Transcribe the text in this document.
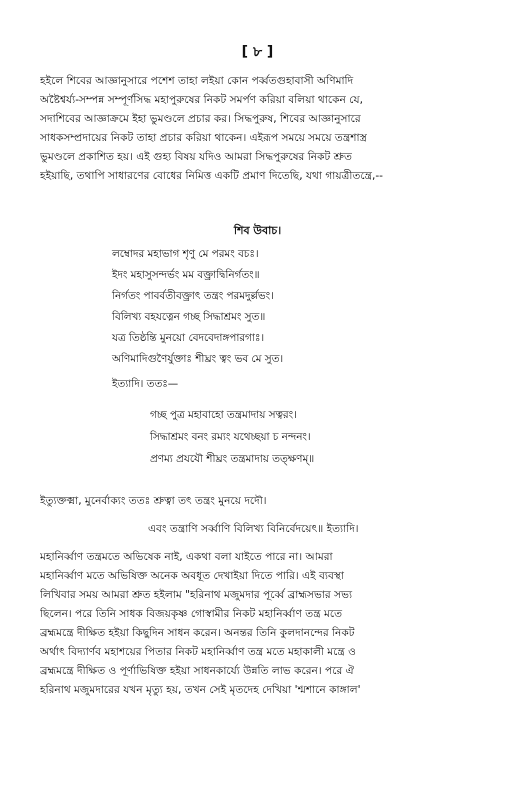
[ ৮ ]
হইলে শিবের আজ্ঞানুসারে পশেশ তাহা লইয়া কোন পর্ব্বতগুহাবাসী অণিমাদি
অষ্টৈশ্বর্য্য-সম্পন্ন সম্পূর্ণসিদ্ধ মহাপুরুষের নিকট সমর্পণ করিয়া বলিয়া থাকেন যে,
সদাশিবের আজ্ঞাক্রমে ইহা ভুমণ্ডলে প্রচার কর। সিদ্ধপুরুষ, শিবের আজ্ঞানুসারে
সাধকসম্প্রদায়ের নিকট তাহা প্রচার করিয়া থাকেন। এইরূপ সময়ে সময়ে তন্ত্রশাস্ত্র
ভুমণ্ডলে প্রকাশিত হয়। এই গুহ্য বিষয় যদিও আমরা সিদ্ধপুরুষের নিকট শ্রুত
হইয়াছি, তথাপি সাধারণের বোধের নিমিত্ত একটি প্রমাণ দিতেছি, যথা গায়ত্রীতন্ত্রে,--
শিব উবাচ।
লম্বোদর মহাভাগ শৃণু মে পরমং বচঃ।
ইদং মহাসুসন্দর্ভং মম বক্ত্রাদ্বিনির্গতং॥
নির্গতং পাবর্বতীবক্ত্রাৎ তন্ত্রং পরমদুর্ল্লভং।
বিলিখ্য বহযত্নেন গচ্ছ সিদ্ধাশ্রমং সুত॥
যত্র তিষ্ঠন্তি মুনয়ো বেদবেদাঙ্গপারগাঃ।
অণিমাদিগুণৈর্যুক্তাঃ শীঘ্রং ত্বং ভব মে সুত।
ইত্যাদি। ততঃ—
গচ্ছ পুত্র মহাবাহো তন্ত্রমাদায় সত্বরং।
সিদ্ধাশ্রমং বনং রম্যং যথেচ্ছয়া চ নন্দনং।
প্রণম্য প্রযযৌ শীঘ্রং তন্ত্রমাদায় তত্ক্ষণম্॥
ইত্যুক্তক্মা, মুনের্বাক্যং ততঃ শ্রুত্বা তৎ তন্ত্রং মুনয়ে দদৌ।
এবং তন্ত্রাণি সর্ব্বাণি বিলিখ্য বিনির্বেদয়েৎ॥ ইত্যাদি।
মহানির্ব্বাণ তন্ত্রমতে অভিষেক নাই, একথা বলা যাইতে পারে না। আমরা
মহানির্ব্বাণ মতে অভিষিক্ত অনেক অবধূত দেখাইয়া দিতে পারি। এই ব্যবস্থা
লিখিবার সময় আমরা শ্রুত হইলাম "হরিনাথ মজুমদার পূর্ব্বে ব্রাহ্মসভার সভ্য
ছিলেন। পরে তিনি সাধক বিজয়কৃষ্ণ গোস্বামীর নিকট মহানির্ব্বাণ তন্ত্র মতে
ব্রহ্মমন্ত্রে দীক্ষিত হইয়া কিছুদিন সাধন করেন। অনন্তর তিনি কুলদানন্দের নিকট
অর্থাৎ বিদ্যার্ণব মহাশয়ের পিতার নিকট মহানির্ব্বাণ তন্ত্র মতে মহাকালী মন্ত্রে ও
ব্রহ্মমন্ত্রে দীক্ষিত ও পূর্ণাভিষিক্ত হইয়া সাধনকার্য্যে উন্নতি লাভ করেন। পরে ঐ
হরিনাথ মজুমদারের যখন মৃত্যু হয়, তখন সেই মৃতদেহ দেখিয়া 'শ্মশানে কাঙ্গাল'
